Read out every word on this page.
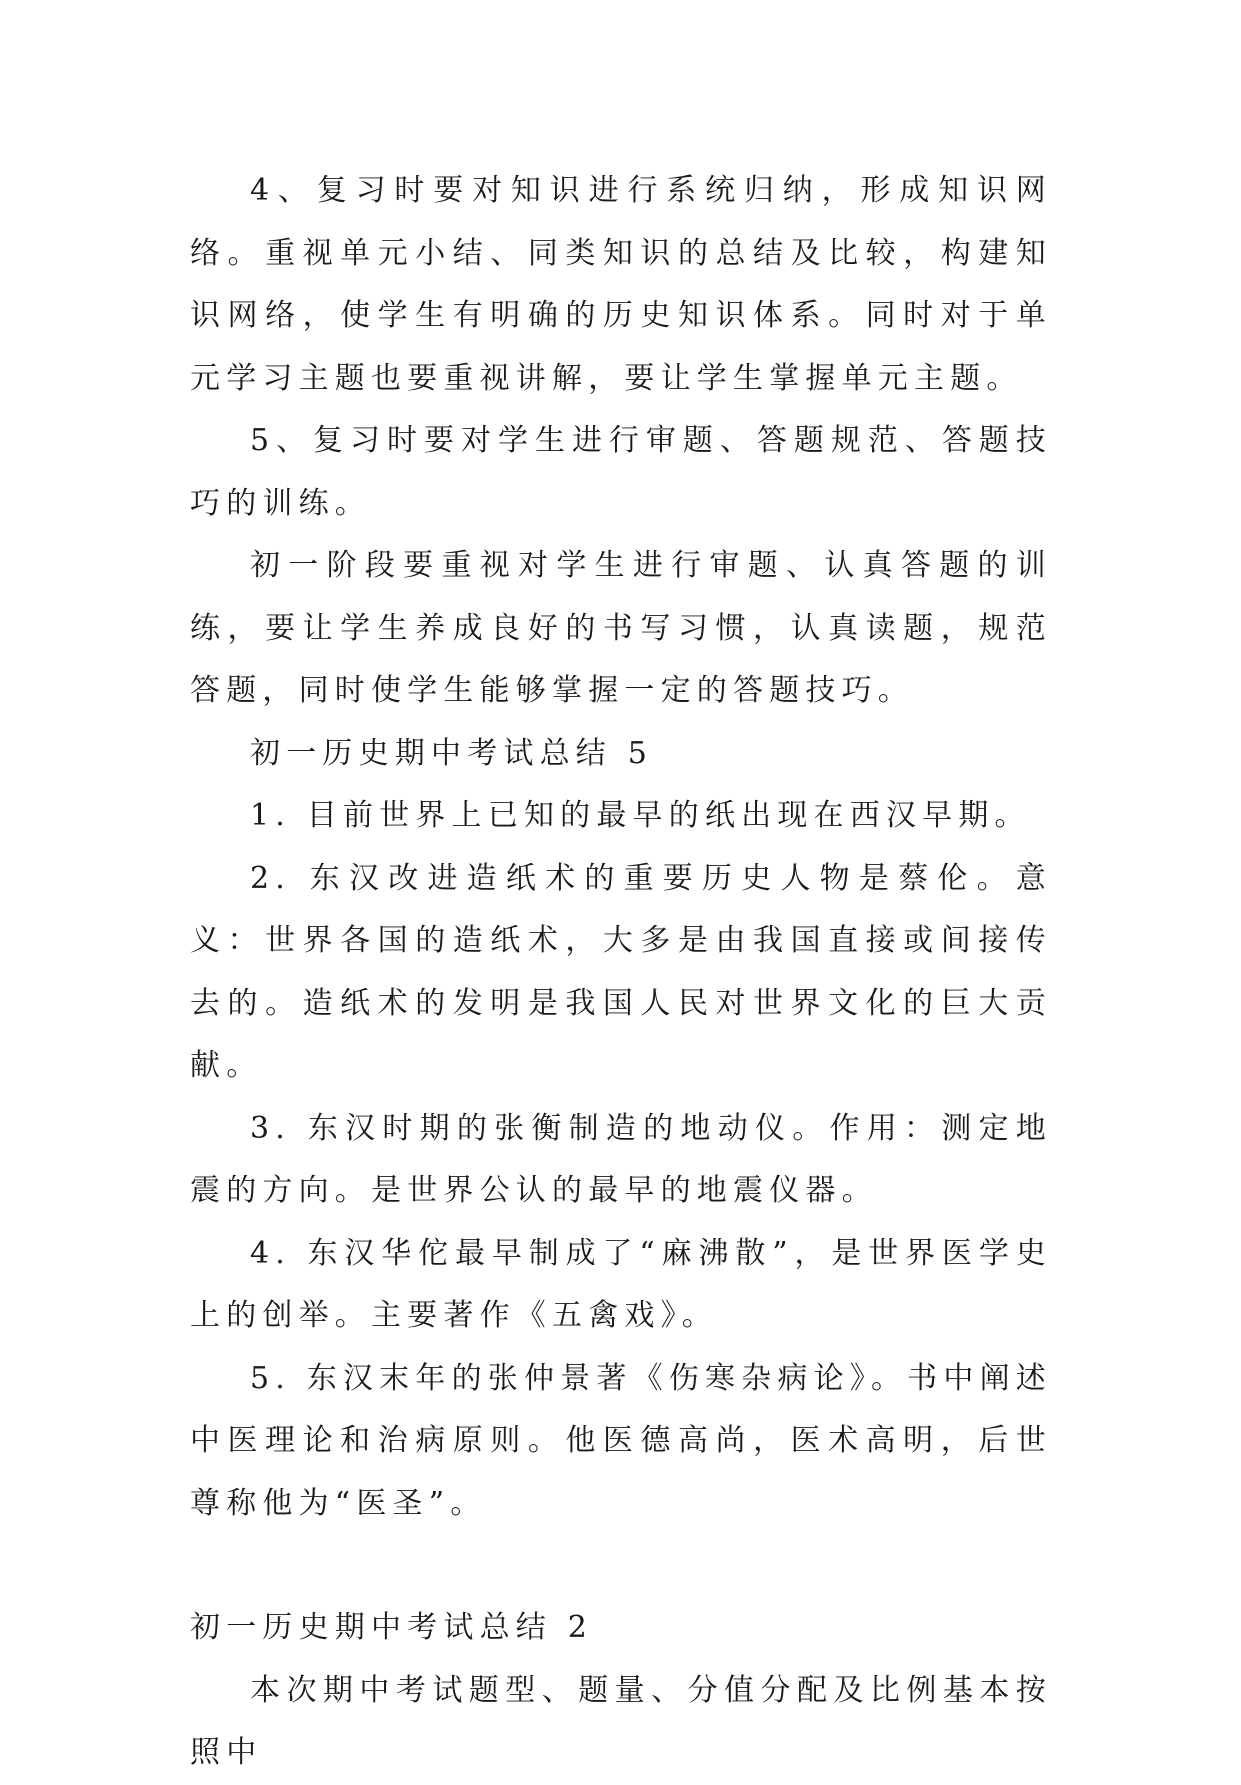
4、复习时要对知识进行系统归纳，形成知识网络。重视单元小结、同类知识的总结及比较，构建知识网络，使学生有明确的历史知识体系。同时对于单元学习主题也要重视讲解，要让学生掌握单元主题。

5、复习时要对学生进行审题、答题规范、答题技巧的训练。

初一阶段要重视对学生进行审题、认真答题的训练，要让学生养成良好的书写习惯，认真读题，规范答题，同时使学生能够掌握一定的答题技巧。

初一历史期中考试总结 5

1. 目前世界上已知的最早的纸出现在西汉早期。

2. 东汉改进造纸术的重要历史人物是蔡伦。意义：世界各国的造纸术，大多是由我国直接或间接传去的。造纸术的发明是我国人民对世界文化的巨大贡献。

3. 东汉时期的张衡制造的地动仪。作用：测定地震的方向。是世界公认的最早的地震仪器。

4. 东汉华佗最早制成了“麻沸散”，是世界医学史上的创举。主要著作《五禽戏》。

5. 东汉末年的张仲景著《伤寒杂病论》。书中阐述中医理论和治病原则。他医德高尚，医术高明，后世尊称他为“医圣”。

初一历史期中考试总结 2

本次期中考试题型、题量、分值分配及比例基本按照中
